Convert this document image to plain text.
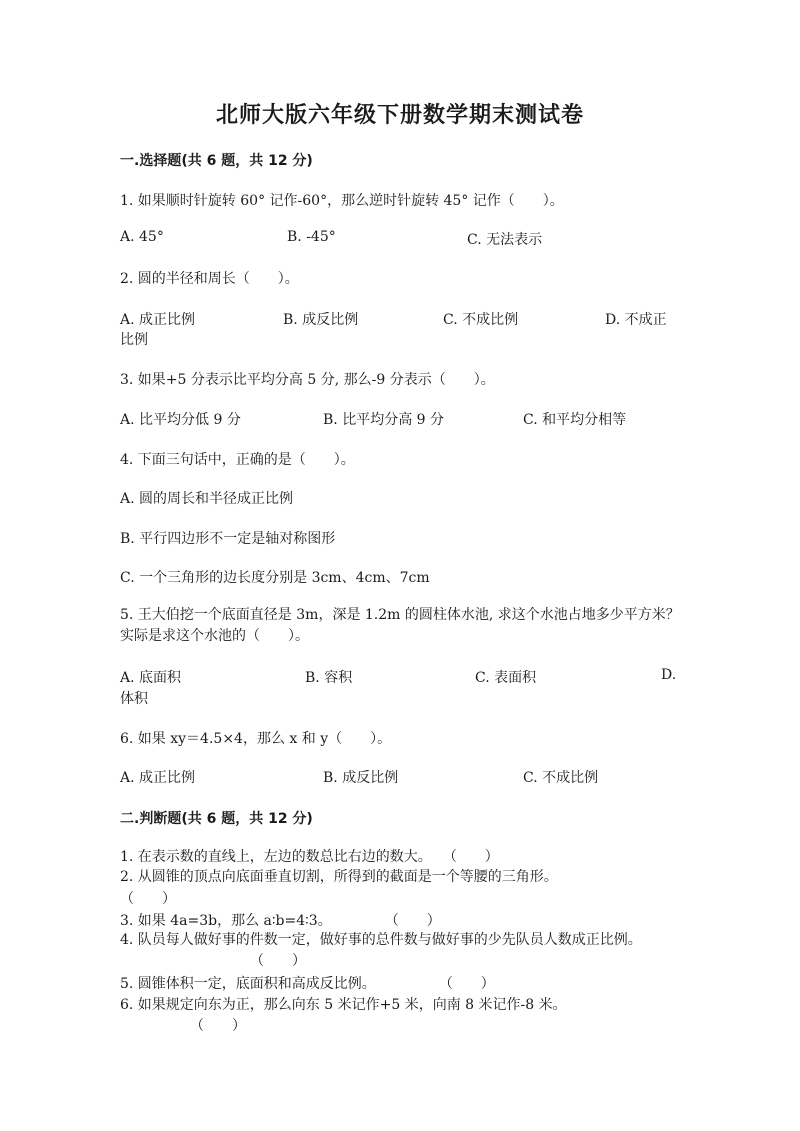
北师大版六年级下册数学期末测试卷
一.选择题(共 6 题，共 12 分)
1. 如果顺时针旋转 60° 记作-60°，那么逆时针旋转 45° 记作（　　）。
A. 45°	B. -45°	C. 无法表示
2. 圆的半径和周长（　　）。
A. 成正比例	B. 成反比例	C. 不成比例	D. 不成正
比例
3. 如果+5 分表示比平均分高 5 分, 那么-9 分表示（　　）。
A. 比平均分低 9 分	B. 比平均分高 9 分	C. 和平均分相等
4. 下面三句话中，正确的是（　　）。
A. 圆的周长和半径成正比例
B. 平行四边形不一定是轴对称图形
C. 一个三角形的边长度分别是 3cm、4cm、7cm
5. 王大伯挖一个底面直径是 3m，深是 1.2m 的圆柱体水池, 求这个水池占地多少平方米？实际是求这个水池的（　　）。
A. 底面积	B. 容积	C. 表面积	D.
体积
6. 如果 xy＝4.5×4，那么 x 和 y（　　）。
A. 成正比例	B. 成反比例	C. 不成比例
二.判断题(共 6 题，共 12 分)
1. 在表示数的直线上，左边的数总比右边的数大。 （　　）
2. 从圆锥的顶点向底面垂直切割，所得到的截面是一个等腰的三角形。
（　　）
3. 如果 4a=3b，那么 a∶b=4∶3。	（　　）
4. 队员每人做好事的件数一定，做好事的总件数与做好事的少先队员人数成正比例。
（　　）
5. 圆锥体积一定，底面积和高成反比例。	（　　）
6. 如果规定向东为正，那么向东 5 米记作+5 米，向南 8 米记作-8 米。
（　　）
